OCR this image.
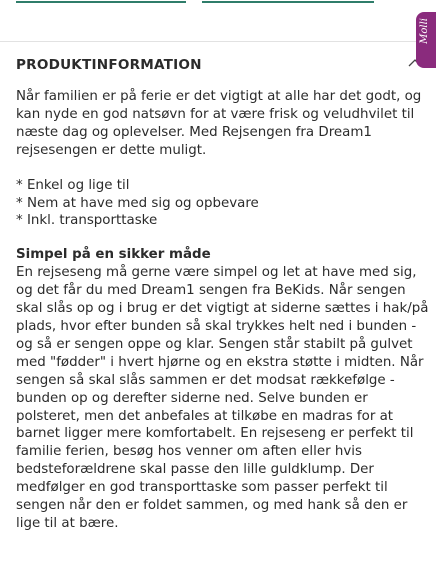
PRODUKTINFORMATION
Molli

Når familien er på ferie er det vigtigt at alle har det godt, og kan nyde en god natsøvn for at være frisk og veludhvilet til næste dag og oplevelser. Med Rejsengen fra Dream1 rejsesengen er dette muligt.

* Enkel og lige til
* Nem at have med sig og opbevare
* Inkl. transporttaske

Simpel på en sikker måde

En rejseseng må gerne være simpel og let at have med sig, og det får du med Dream1 sengen fra BeKids. Når sengen skal slås op og i brug er det vigtigt at siderne sættes i hak/på plads, hvor efter bunden så skal trykkes helt ned i bunden - og så er sengen oppe og klar. Sengen står stabilt på gulvet med "fødder" i hvert hjørne og en ekstra støtte i midten. Når sengen så skal slås sammen er det modsat rækkefølge - bunden op og derefter siderne ned. Selve bunden er polsteret, men det anbefales at tilkøbe en madras for at barnet ligger mere komfortabelt. En rejseseng er perfekt til familie ferien, besøg hos venner om aften eller hvis bedsteforældrene skal passe den lille guldklump. Der medfølger en god transporttaske som passer perfekt til sengen når den er foldet sammen, og med hank så den er lige til at bære.
